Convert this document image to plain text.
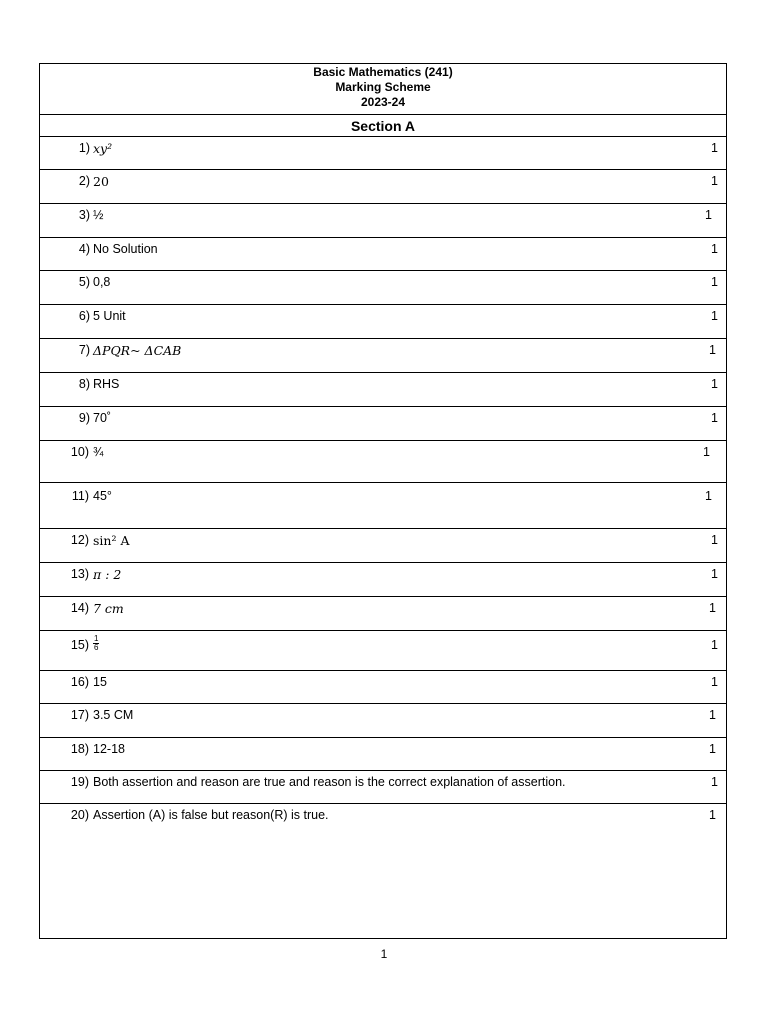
Basic Mathematics (241)
Marking Scheme
2023-24
Section A
1) xy²	1
2) 20	1
3) ½	1
4) No Solution	1
5) 0,8	1
6) 5 Unit	1
7) ΔPQR~ ΔCAB	1
8) RHS	1
9) 70˚	1
10) ¾	1
11) 45°	1
12) sin² A	1
13) π : 2	1
14) 7 cm	1
$15) \frac{1}{6}$	1
16) 15	1
17) 3.5 CM	1
18) 12-18	1
19) Both assertion and reason are true and reason is the correct explanation of assertion.	1
20) Assertion (A) is false but reason(R) is true.	1
1
